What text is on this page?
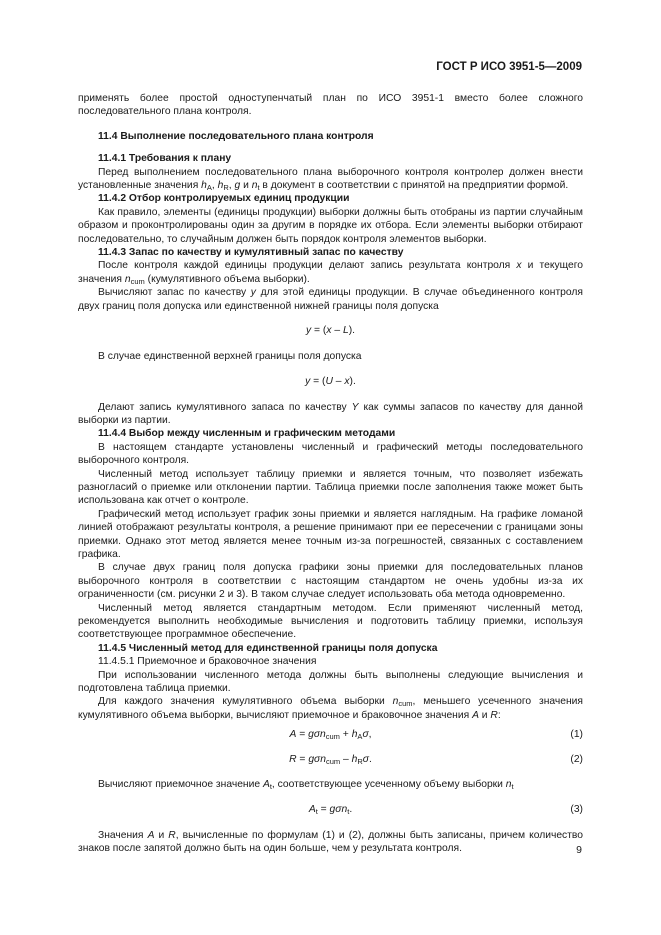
ГОСТ Р ИСО 3951-5—2009

применять более простой одноступенчатый план по ИСО 3951-1 вместо более сложного последовательного плана контроля.

11.4 Выполнение последовательного плана контроля
11.4.1 Требования к плану

Перед выполнением последовательного плана выборочного контроля контролер должен внести установленные значения $h_A$, $h_R$, g и $n_t$ в документ в соответствии с принятой на предприятии формой.

11.4.2 Отбор контролируемых единиц продукции

Как правило, элементы (единицы продукции) выборки должны быть отобраны из партии случайным образом и проконтролированы один за другим в порядке их отбора. Если элементы выборки отбирают последовательно, то случайным должен быть порядок контроля элементов выборки.

11.4.3 Запас по качеству и кумулятивный запас по качеству

После контроля каждой единицы продукции делают запись результата контроля x и текущего значения $n_{cum}$ (кумулятивного объема выборки).

Вычисляют запас по качеству y для этой единицы продукции. В случае объединенного контроля двух границ поля допуска или единственной нижней границы поля допуска

y = (x – L).

В случае единственной верхней границы поля допуска

y = (U – x).

Делают запись кумулятивного запаса по качеству Y как суммы запасов по качеству для данной выборки из партии.

11.4.4 Выбор между численным и графическим методами

В настоящем стандарте установлены численный и графический методы последовательного выборочного контроля.

Численный метод использует таблицу приемки и является точным, что позволяет избежать разногласий о приемке или отклонении партии. Таблица приемки после заполнения также может быть использована как отчет о контроле.

Графический метод использует график зоны приемки и является наглядным. На графике ломаной линией отображают результаты контроля, а решение принимают при ее пересечении с границами зоны приемки. Однако этот метод является менее точным из-за погрешностей, связанных с составлением графика.

В случае двух границ поля допуска графики зоны приемки для последовательных планов выборочного контроля в соответствии с настоящим стандартом не очень удобны из-за их ограниченности (см. рисунки 2 и 3). В таком случае следует использовать оба метода одновременно.

Численный метод является стандартным методом. Если применяют численный метод, рекомендуется выполнить необходимые вычисления и подготовить таблицу приемки, используя соответствующее программное обеспечение.

11.4.5 Численный метод для единственной границы поля допуска

11.4.5.1 Приемочное и браковочное значения

При использовании численного метода должны быть выполнены следующие вычисления и подготовлена таблица приемки.

Для каждого значения кумулятивного объема выборки $n_{cum}$, меньшего усеченного значения кумулятивного объема выборки, вычисляют приемочное и браковочное значения A и R:

$A = g\sigma n_{cum} + h_A\sigma$,	(1)
$R = g\sigma n_{cum} - h_R\sigma$.	(2)

Вычисляют приемочное значение $A_t$, соответствующее усеченному объему выборки $n_t$

$A_t = g\sigma n_t$.	(3)

Значения A и R, вычисленные по формулам (1) и (2), должны быть записаны, причем количество знаков после запятой должно быть на один больше, чем у результата контроля.	9
